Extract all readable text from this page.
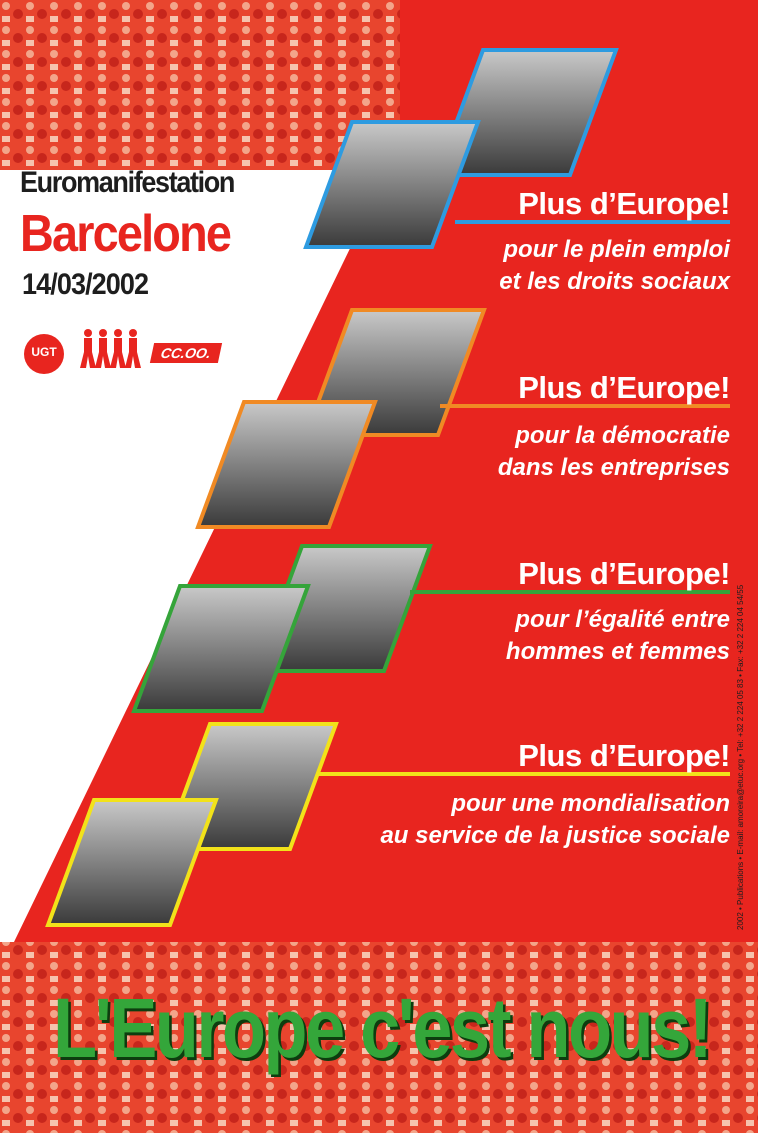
Euromanifestation

Barcelone

14/03/2002

UGT	CC.OO.

Plus d’Europe!

pour le plein emploi

et les droits sociaux

Plus d’Europe!

pour la démocratie

dans les entreprises

Plus d’Europe!

pour l’égalité entre

hommes et femmes

Plus d’Europe!

pour une mondialisation

au service de la justice sociale 2002 • Publications • E-mail: amoreira@etuc.org • Tel: +32 2 224 05 83 • Fax: +32 2 224 04 54/55

L'Europe c'est nous!
